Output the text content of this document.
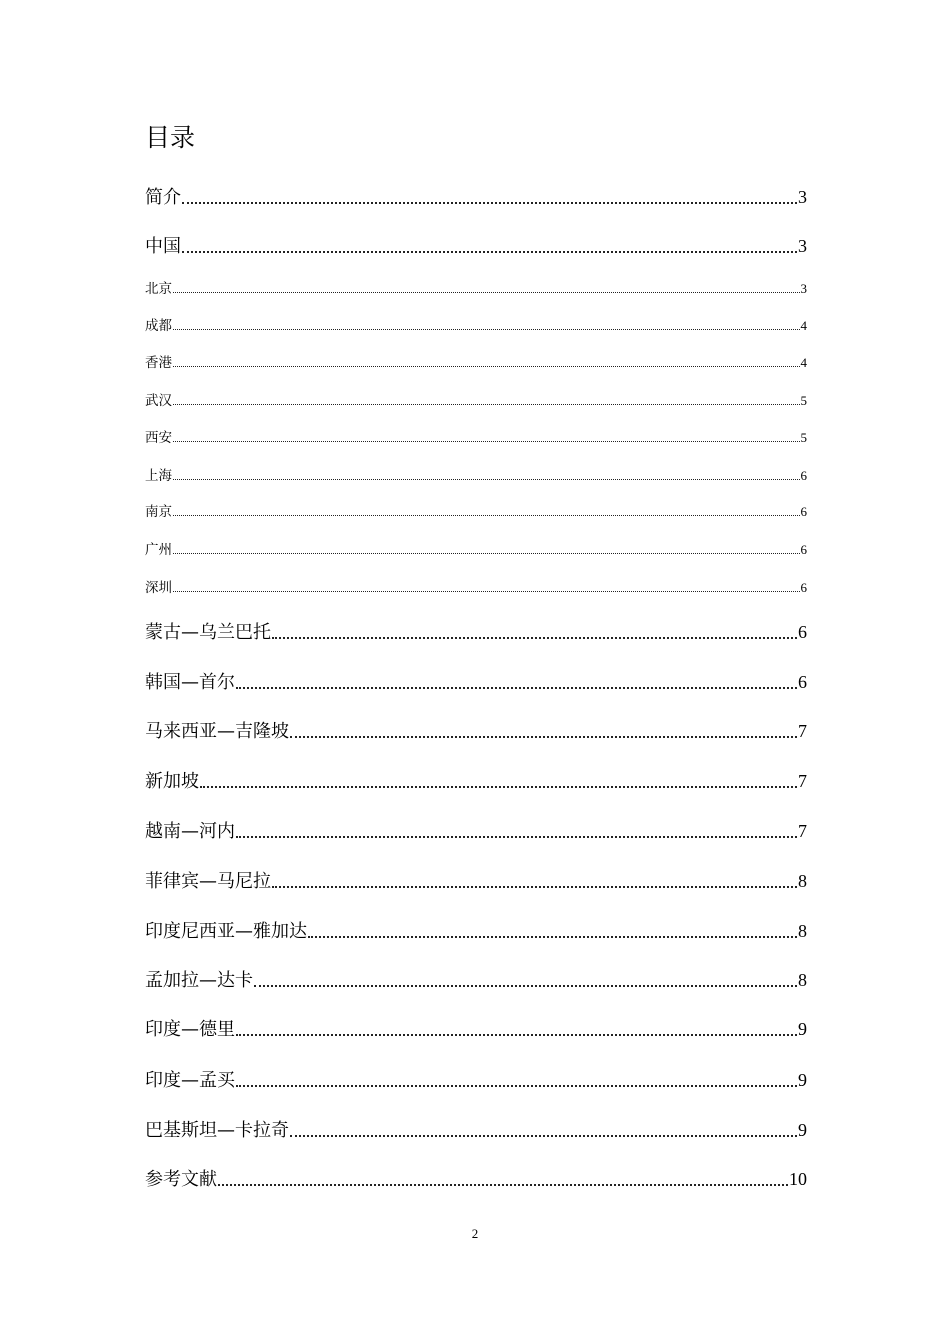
目录
简介	3
中国	3
北京	3
成都	4
香港	4
武汉	5
西安	5
上海	6
南京	6
广州	6
深圳	6
蒙古—乌兰巴托	6
韩国—首尔	6
马来西亚—吉隆坡	7
新加坡	7
越南—河内	7
菲律宾—马尼拉	8
印度尼西亚—雅加达	8
孟加拉—达卡	8
印度—德里	9
印度—孟买	9
巴基斯坦—卡拉奇	9
参考文献	10
2
